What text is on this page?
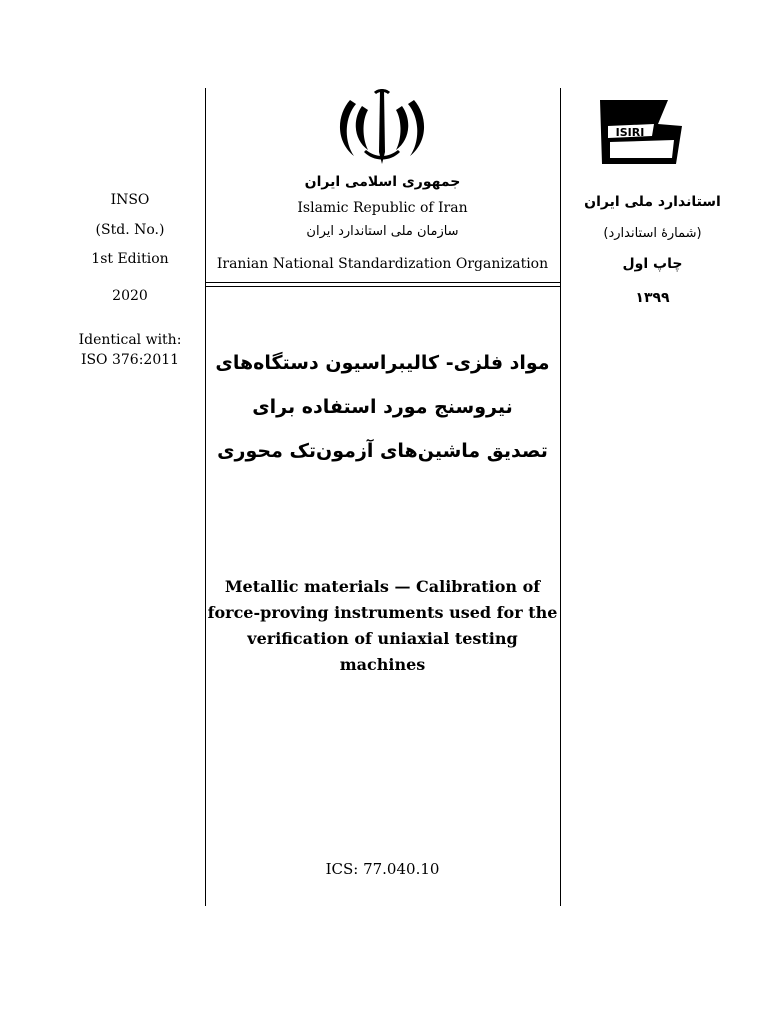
ISIRI
جمهوری اسلامی ایران
Islamic Republic of Iran
سازمان ملی استاندارد ایران
Iranian National Standardization Organization
INSO
(Std. No.)
1st Edition
2020
Identical with:
ISO 376:2011
استاندارد ملی ایران
(شمارهٔ استاندارد)
چاپ اول
۱۳۹۹
مواد فلزی- کالیبراسیون دستگاه‌های
نیروسنج مورد استفاده برای
تصدیق ماشین‌های آزمون‌تک محوری
Metallic materials — Calibration of
force-proving instruments used for the
verification of uniaxial testing
machines
ICS: 77.040.10
